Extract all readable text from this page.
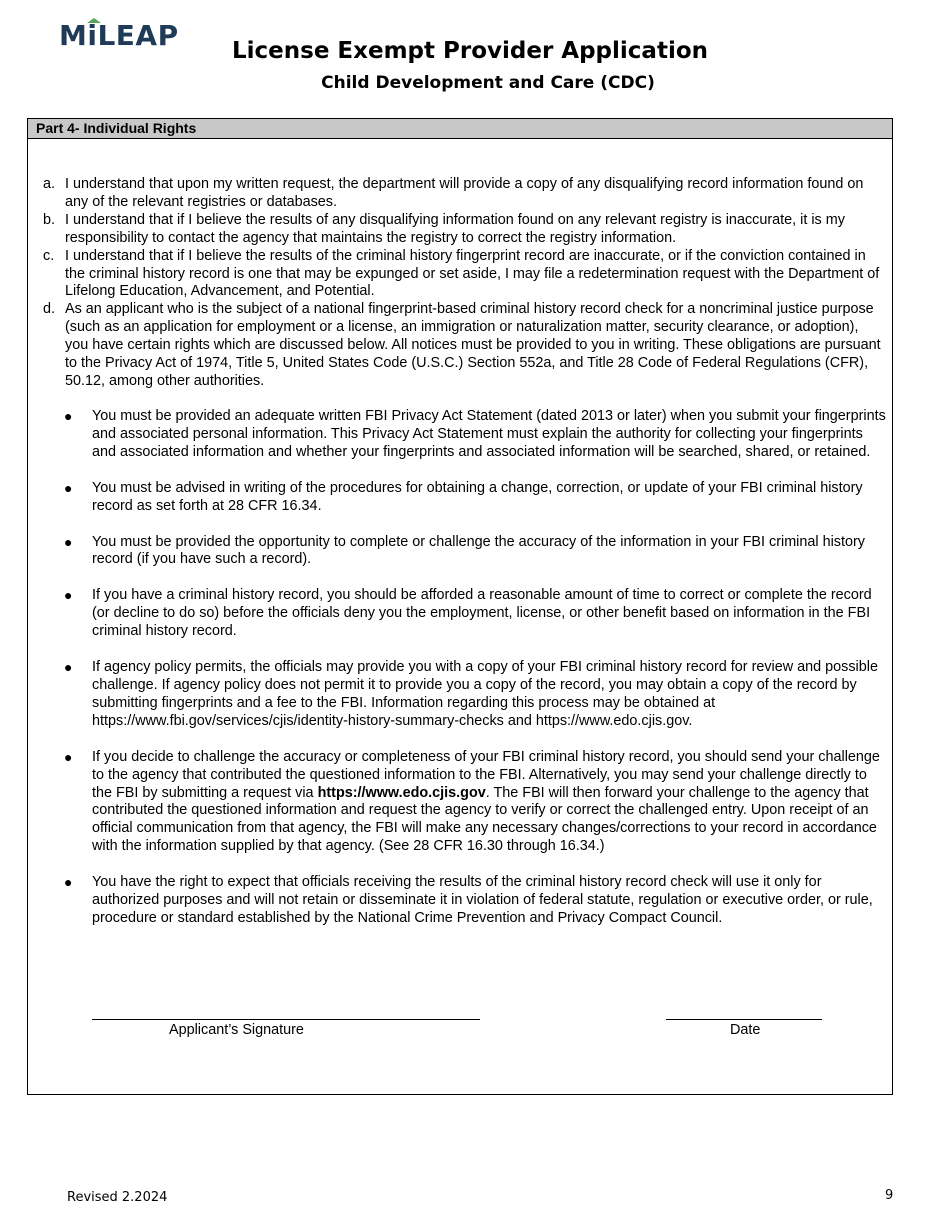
MiLEAP	License Exempt Provider Application
Child Development and Care (CDC)
Part 4- Individual Rights
a. I understand that upon my written request, the department will provide a copy of any disqualifying record information found on any of the relevant registries or databases.
b. I understand that if I believe the results of any disqualifying information found on any relevant registry is inaccurate, it is my responsibility to contact the agency that maintains the registry to correct the registry information.
c. I understand that if I believe the results of the criminal history fingerprint record are inaccurate, or if the conviction contained in the criminal history record is one that may be expunged or set aside, I may file a redetermination request with the Department of Lifelong Education, Advancement, and Potential.
d. As an applicant who is the subject of a national fingerprint-based criminal history record check for a noncriminal justice purpose (such as an application for employment or a license, an immigration or naturalization matter, security clearance, or adoption), you have certain rights which are discussed below. All notices must be provided to you in writing. These obligations are pursuant to the Privacy Act of 1974, Title 5, United States Code (U.S.C.) Section 552a, and Title 28 Code of Federal Regulations (CFR), 50.12, among other authorities.
● You must be provided an adequate written FBI Privacy Act Statement (dated 2013 or later) when you submit your fingerprints and associated personal information. This Privacy Act Statement must explain the authority for collecting your fingerprints and associated information and whether your fingerprints and associated information will be searched, shared, or retained.
● You must be advised in writing of the procedures for obtaining a change, correction, or update of your FBI criminal history record as set forth at 28 CFR 16.34.
● You must be provided the opportunity to complete or challenge the accuracy of the information in your FBI criminal history record (if you have such a record).
● If you have a criminal history record, you should be afforded a reasonable amount of time to correct or complete the record (or decline to do so) before the officials deny you the employment, license, or other benefit based on information in the FBI criminal history record.
● If agency policy permits, the officials may provide you with a copy of your FBI criminal history record for review and possible challenge. If agency policy does not permit it to provide you a copy of the record, you may obtain a copy of the record by submitting fingerprints and a fee to the FBI. Information regarding this process may be obtained at https://www.fbi.gov/services/cjis/identity-history-summary-checks and https://www.edo.cjis.gov.
● If you decide to challenge the accuracy or completeness of your FBI criminal history record, you should send your challenge to the agency that contributed the questioned information to the FBI. Alternatively, you may send your challenge directly to the FBI by submitting a request via https://www.edo.cjis.gov. The FBI will then forward your challenge to the agency that contributed the questioned information and request the agency to verify or correct the challenged entry. Upon receipt of an official communication from that agency, the FBI will make any necessary changes/corrections to your record in accordance with the information supplied by that agency. (See 28 CFR 16.30 through 16.34.)
● You have the right to expect that officials receiving the results of the criminal history record check will use it only for authorized purposes and will not retain or disseminate it in violation of federal statute, regulation or executive order, or rule, procedure or standard established by the National Crime Prevention and Privacy Compact Council.
Applicant’s Signature	Date
Revised 2.2024	9
